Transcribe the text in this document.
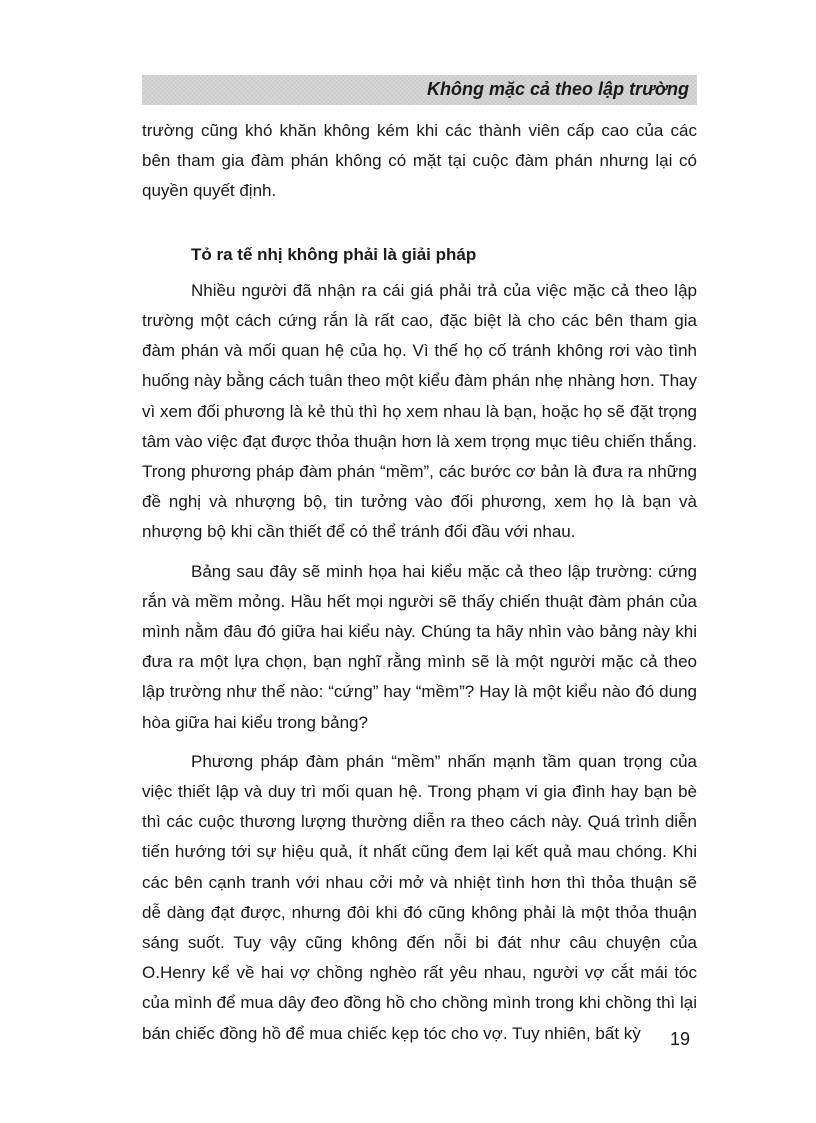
Không mặc cả theo lập trường

trường cũng khó khăn không kém khi các thành viên cấp cao của các bên tham gia đàm phán không có mặt tại cuộc đàm phán nhưng lại có quyền quyết định.

Tỏ ra tế nhị không phải là giải pháp

Nhiều người đã nhận ra cái giá phải trả của việc mặc cả theo lập trường một cách cứng rắn là rất cao, đặc biệt là cho các bên tham gia đàm phán và mối quan hệ của họ. Vì thế họ cố tránh không rơi vào tình huống này bằng cách tuân theo một kiểu đàm phán nhẹ nhàng hơn. Thay vì xem đối phương là kẻ thù thì họ xem nhau là bạn, hoặc họ sẽ đặt trọng tâm vào việc đạt được thỏa thuận hơn là xem trọng mục tiêu chiến thắng. Trong phương pháp đàm phán “mềm”, các bước cơ bản là đưa ra những đề nghị và nhượng bộ, tin tưởng vào đối phương, xem họ là bạn và nhượng bộ khi cần thiết để có thể tránh đối đầu với nhau.

Bảng sau đây sẽ minh họa hai kiểu mặc cả theo lập trường: cứng rắn và mềm mỏng. Hầu hết mọi người sẽ thấy chiến thuật đàm phán của mình nằm đâu đó giữa hai kiểu này. Chúng ta hãy nhìn vào bảng này khi đưa ra một lựa chọn, bạn nghĩ rằng mình sẽ là một người mặc cả theo lập trường như thế nào: “cứng” hay “mềm”? Hay là một kiểu nào đó dung hòa giữa hai kiểu trong bảng?

Phương pháp đàm phán “mềm” nhấn mạnh tầm quan trọng của việc thiết lập và duy trì mối quan hệ. Trong phạm vi gia đình hay bạn bè thì các cuộc thương lượng thường diễn ra theo cách này. Quá trình diễn tiến hướng tới sự hiệu quả, ít nhất cũng đem lại kết quả mau chóng. Khi các bên cạnh tranh với nhau cởi mở và nhiệt tình hơn thì thỏa thuận sẽ dễ dàng đạt được, nhưng đôi khi đó cũng không phải là một thỏa thuận sáng suốt. Tuy vậy cũng không đến nỗi bi đát như câu chuyện của O.Henry kể về hai vợ chồng nghèo rất yêu nhau, người vợ cắt mái tóc của mình để mua dây đeo đồng hồ cho chồng mình trong khi chồng thì lại bán chiếc đồng hồ để mua chiếc kẹp tóc cho vợ. Tuy nhiên, bất kỳ	19
